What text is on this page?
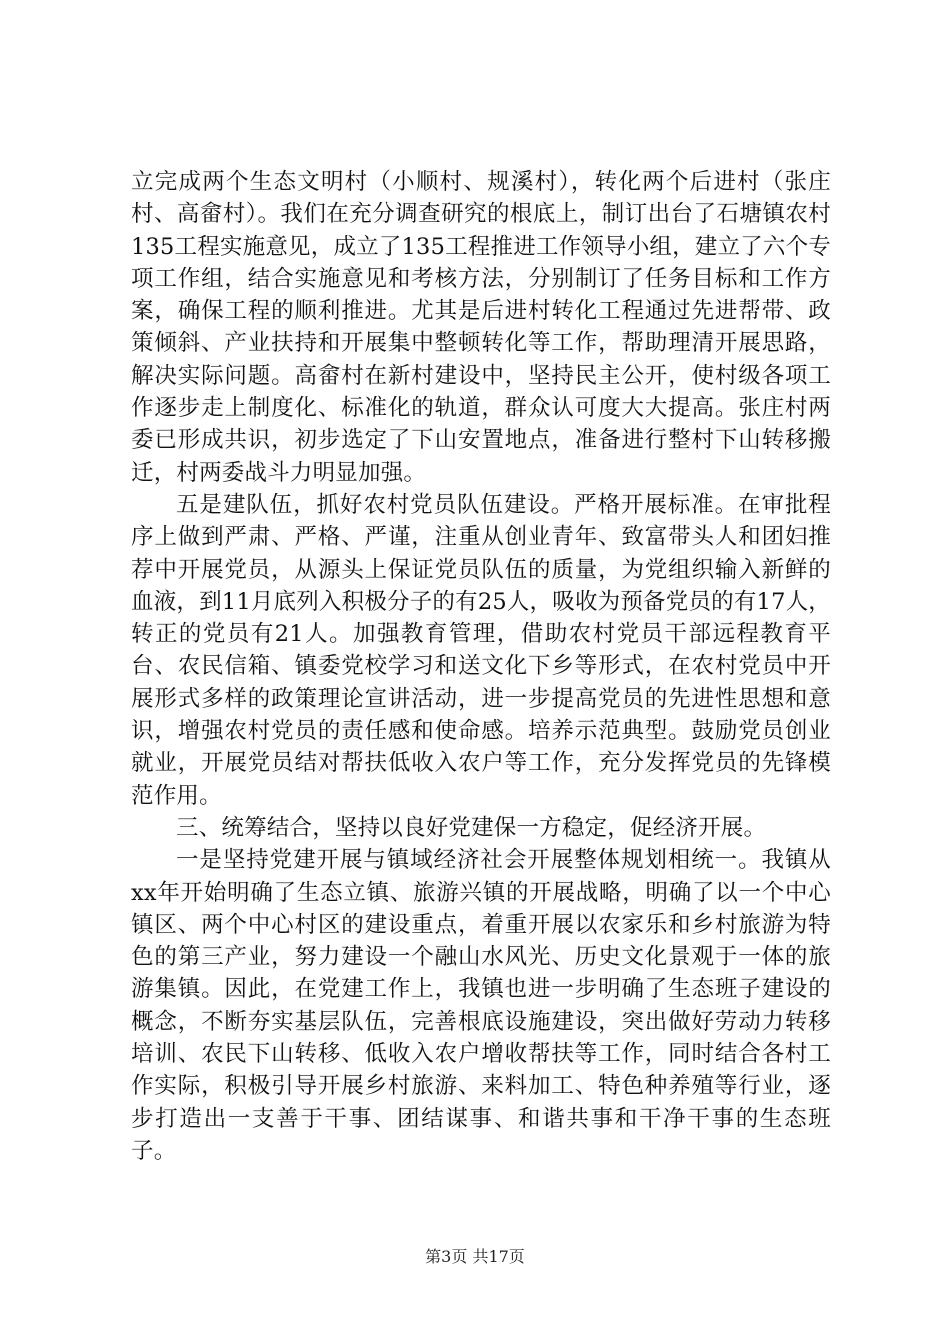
立完成两个生态文明村（小顺村、规溪村），转化两个后进村（张庄村、高畲村）。我们在充分调查研究的根底上，制订出台了石塘镇农村135工程实施意见，成立了135工程推进工作领导小组，建立了六个专项工作组，结合实施意见和考核方法，分别制订了任务目标和工作方案，确保工程的顺利推进。尤其是后进村转化工程通过先进帮带、政策倾斜、产业扶持和开展集中整顿转化等工作，帮助理清开展思路，解决实际问题。高畲村在新村建设中，坚持民主公开，使村级各项工作逐步走上制度化、标准化的轨道，群众认可度大大提高。张庄村两委已形成共识，初步选定了下山安置地点，准备进行整村下山转移搬迁，村两委战斗力明显加强。

五是建队伍，抓好农村党员队伍建设。严格开展标准。在审批程序上做到严肃、严格、严谨，注重从创业青年、致富带头人和团妇推荐中开展党员，从源头上保证党员队伍的质量，为党组织输入新鲜的血液，到11月底列入积极分子的有25人，吸收为预备党员的有17人，转正的党员有21人。加强教育管理，借助农村党员干部远程教育平台、农民信箱、镇委党校学习和送文化下乡等形式，在农村党员中开展形式多样的政策理论宣讲活动，进一步提高党员的先进性思想和意识，增强农村党员的责任感和使命感。培养示范典型。鼓励党员创业就业，开展党员结对帮扶低收入农户等工作，充分发挥党员的先锋模范作用。

三、统筹结合，坚持以良好党建保一方稳定，促经济开展。

一是坚持党建开展与镇域经济社会开展整体规划相统一。我镇从xx年开始明确了生态立镇、旅游兴镇的开展战略，明确了以一个中心镇区、两个中心村区的建设重点，着重开展以农家乐和乡村旅游为特色的第三产业，努力建设一个融山水风光、历史文化景观于一体的旅游集镇。因此，在党建工作上，我镇也进一步明确了生态班子建设的概念，不断夯实基层队伍，完善根底设施建设，突出做好劳动力转移培训、农民下山转移、低收入农户增收帮扶等工作，同时结合各村工作实际，积极引导开展乡村旅游、来料加工、特色种养殖等行业，逐步打造出一支善于干事、团结谋事、和谐共事和干净干事的生态班子。

第3页 共17页
